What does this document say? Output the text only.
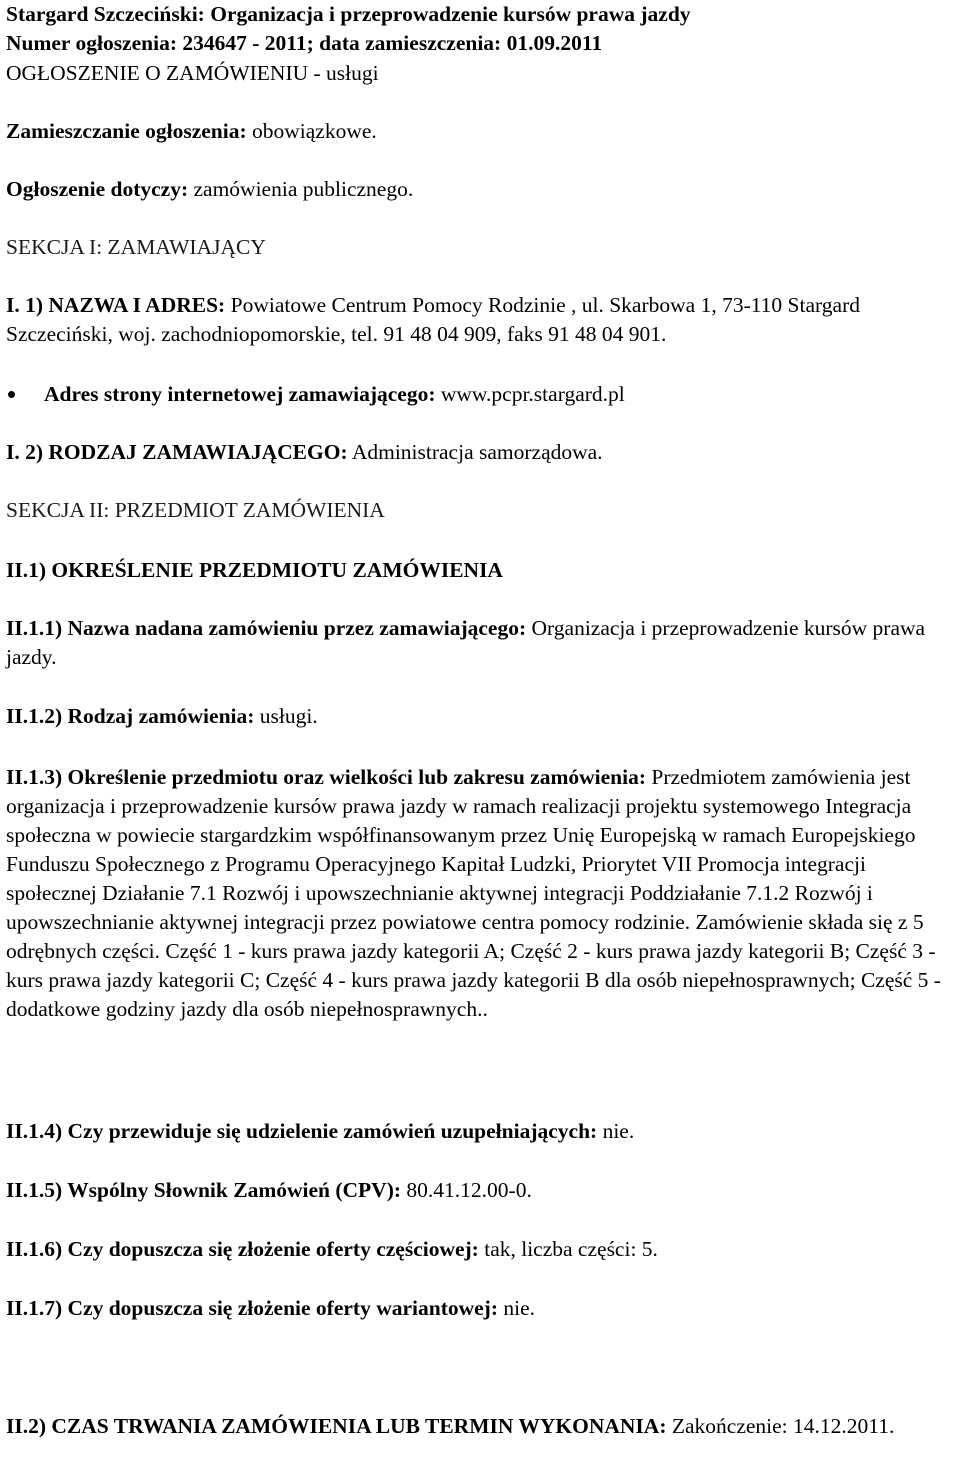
Stargard Szczeciński: Organizacja i przeprowadzenie kursów prawa jazdy

Numer ogłoszenia: 234647 - 2011; data zamieszczenia: 01.09.2011

OGŁOSZENIE O ZAMÓWIENIU - usługi

Zamieszczanie ogłoszenia: obowiązkowe.

Ogłoszenie dotyczy: zamówienia publicznego.

SEKCJA I: ZAMAWIAJĄCY

I. 1) NAZWA I ADRES: Powiatowe Centrum Pomocy Rodzinie , ul. Skarbowa 1, 73-110 Stargard Szczeciński, woj. zachodniopomorskie, tel. 91 48 04 909, faks 91 48 04 901.

Adres strony internetowej zamawiającego: www.pcpr.stargard.pl

I. 2) RODZAJ ZAMAWIAJĄCEGO: Administracja samorządowa.

SEKCJA II: PRZEDMIOT ZAMÓWIENIA

II.1) OKREŚLENIE PRZEDMIOTU ZAMÓWIENIA

II.1.1) Nazwa nadana zamówieniu przez zamawiającego: Organizacja i przeprowadzenie kursów prawa jazdy.

II.1.2) Rodzaj zamówienia: usługi.

II.1.3) Określenie przedmiotu oraz wielkości lub zakresu zamówienia: Przedmiotem zamówienia jest organizacja i przeprowadzenie kursów prawa jazdy w ramach realizacji projektu systemowego Integracja społeczna w powiecie stargardzkim współfinansowanym przez Unię Europejską w ramach Europejskiego Funduszu Społecznego z Programu Operacyjnego Kapitał Ludzki, Priorytet VII Promocja integracji społecznej Działanie 7.1 Rozwój i upowszechnianie aktywnej integracji Poddziałanie 7.1.2 Rozwój i upowszechnianie aktywnej integracji przez powiatowe centra pomocy rodzinie. Zamówienie składa się z 5 odrębnych części. Część 1 - kurs prawa jazdy kategorii A; Część 2 - kurs prawa jazdy kategorii B; Część 3 - kurs prawa jazdy kategorii C; Część 4 - kurs prawa jazdy kategorii B dla osób niepełnosprawnych; Część 5 - dodatkowe godziny jazdy dla osób niepełnosprawnych..

II.1.4) Czy przewiduje się udzielenie zamówień uzupełniających: nie.

II.1.5) Wspólny Słownik Zamówień (CPV): 80.41.12.00-0.

II.1.6) Czy dopuszcza się złożenie oferty częściowej: tak, liczba części: 5.

II.1.7) Czy dopuszcza się złożenie oferty wariantowej: nie.

II.2) CZAS TRWANIA ZAMÓWIENIA LUB TERMIN WYKONANIA: Zakończenie: 14.12.2011.
